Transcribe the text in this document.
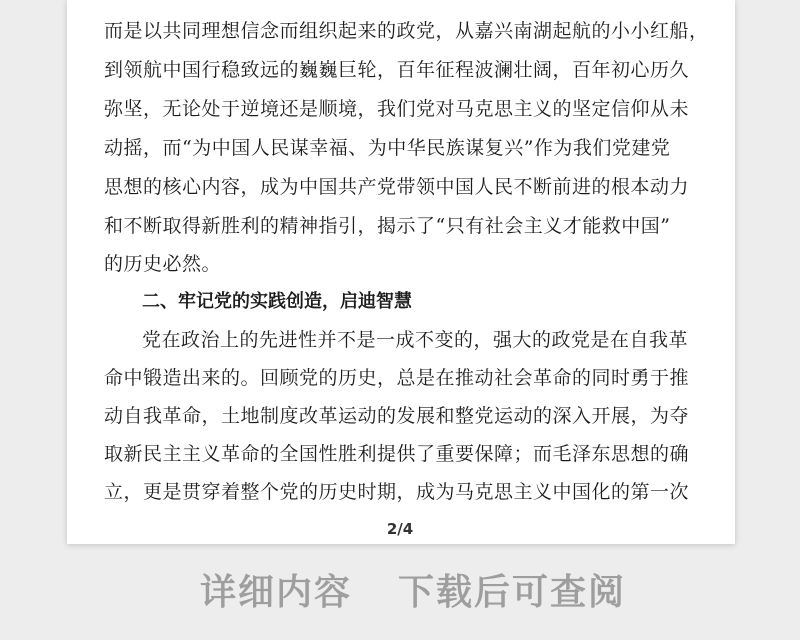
而是以共同理想信念而组织起来的政党，从嘉兴南湖起航的小小红船，
到领航中国行稳致远的巍巍巨轮，百年征程波澜壮阔，百年初心历久
弥坚，无论处于逆境还是顺境，我们党对马克思主义的坚定信仰从未
动摇，而“为中国人民谋幸福、为中华民族谋复兴”作为我们党建党
思想的核心内容，成为中国共产党带领中国人民不断前进的根本动力
和不断取得新胜利的精神指引，揭示了“只有社会主义才能救中国”
的历史必然。
二、牢记党的实践创造，启迪智慧
党在政治上的先进性并不是一成不变的，强大的政党是在自我革
命中锻造出来的。回顾党的历史，总是在推动社会革命的同时勇于推
动自我革命，土地制度改革运动的发展和整党运动的深入开展，为夺
取新民主主义革命的全国性胜利提供了重要保障；而毛泽东思想的确
立，更是贯穿着整个党的历史时期，成为马克思主义中国化的第一次
2/4
详细内容 下载后可查阅
